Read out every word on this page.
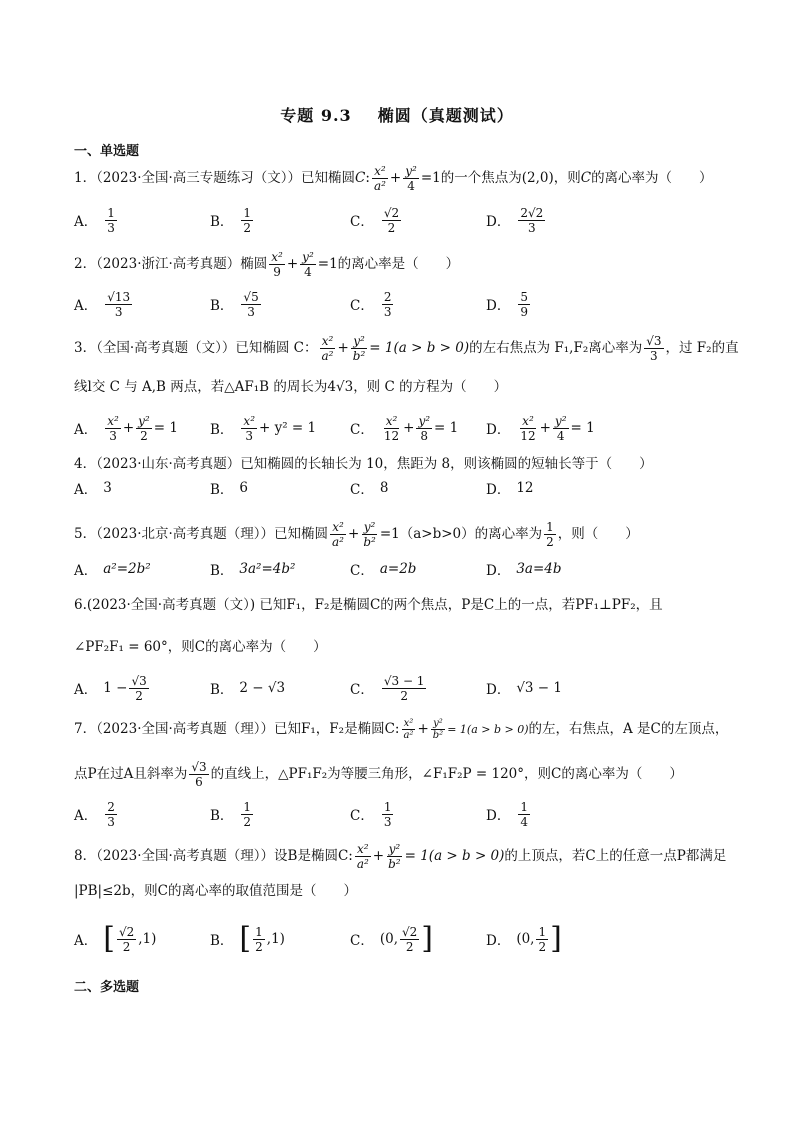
专题 9.3 椭圆（真题测试）
一、单选题
1．（2023·全国·高三专题练习（文））已知椭圆C: $\frac{\text{x²}}{\text{a²}} + \frac{\text{y²}}{4} =1$的一个焦点为(2,0)，则C的离心率为（　　）
A． $\frac{1}{3}$	B． $\frac{1}{2}$	C． $\frac{√2}{2}$	D． $\frac{2√2}{3}$
2．（2023·浙江·高考真题）椭圆 $\frac{\text{x²}}{9} + \frac{\text{y²}}{4} =1$的离心率是（　　）
A． $\frac{√13}{3}$	B． $\frac{√5}{3}$	C． $\frac{2}{3}$	D． $\frac{5}{9}$
3．（全国·高考真题（文））已知椭圆 C： $\frac{\text{x²}}{\text{a²}} + \frac{\text{y²}}{\text{b²}} = 1(a > b > 0)$的左右焦点为 F₁,F₂离心率为 $\frac{√3}{3}$ ，过 F₂的直
线l交 C 与 A,B 两点，若△AF₁B 的周长为4√3，则 C 的方程为（　　）
A． $\frac{\text{x²}}{3} + \frac{\text{y²}}{2} = 1$ B． $\frac{\text{x²}}{3} + y^2 = 1$	C． $\frac{\text{x²}}{12} + \frac{\text{y²}}{8} = 1$ D． $\frac{\text{x²}}{12} + \frac{\text{y²}}{4} = 1$
4．（2023·山东·高考真题）已知椭圆的长轴长为 10，焦距为 8，则该椭圆的短轴长等于（　　）
A． 3	B． 6	C． 8	D． 12
5．（2023·北京·高考真题（理））已知椭圆 $\frac{\text{x²}}{\text{a²}} + \frac{\text{y²}}{\text{b²}} =1(a>b>0)$的离心率为 $\frac{1}{2}$ ，则（　　）
A． a²=2b²	B． 3a²=4b²	C． a=2b	D． 3a=4b
6.(2023·全国·高考真题（文）) 已知F₁，F₂是椭圆C的两个焦点，P是C上的一点，若PF₁⊥PF₂，且
∠PF₂F₁ = 60°，则C的离心率为（　　）
A． $1 - \frac{√3}{2}$	B． 2 − √3	C． $\frac{√3 - 1}{2}$	D． √3 − 1
7．（2023·全国·高考真题（理））已知F₁，F₂是椭圆C: $\frac{\text{x²}}{\text{a²}} + \frac{\text{y²}}{\text{b²}} = 1(a > b > 0)$的左，右焦点，A 是C的左顶点，
点P在过A且斜率为 $\frac{√3}{6}$ 的直线上，△PF₁F₂为等腰三角形，∠F₁F₂P = 120°，则C的离心率为（　　）
A． $\frac{2}{3}$	B． $\frac{1}{2}$	C． $\frac{1}{3}$	D． $\frac{1}{4}$
8．（2023·全国·高考真题（理））设B是椭圆C: $\frac{\text{x²}}{\text{a²}} + \frac{\text{y²}}{\text{b²}} = 1(a > b > 0)$的上顶点，若C上的任意一点P都满足
|PB|≤2b，则C的离心率的取值范围是（　　）
A． [ $\frac{√2}{2} ,1$)	B． [ $\frac{1}{2} ,1$)	C． (0, $\frac{√2}{2}$ ]	D． (0, $\frac{1}{2}$ ]
二、多选题
